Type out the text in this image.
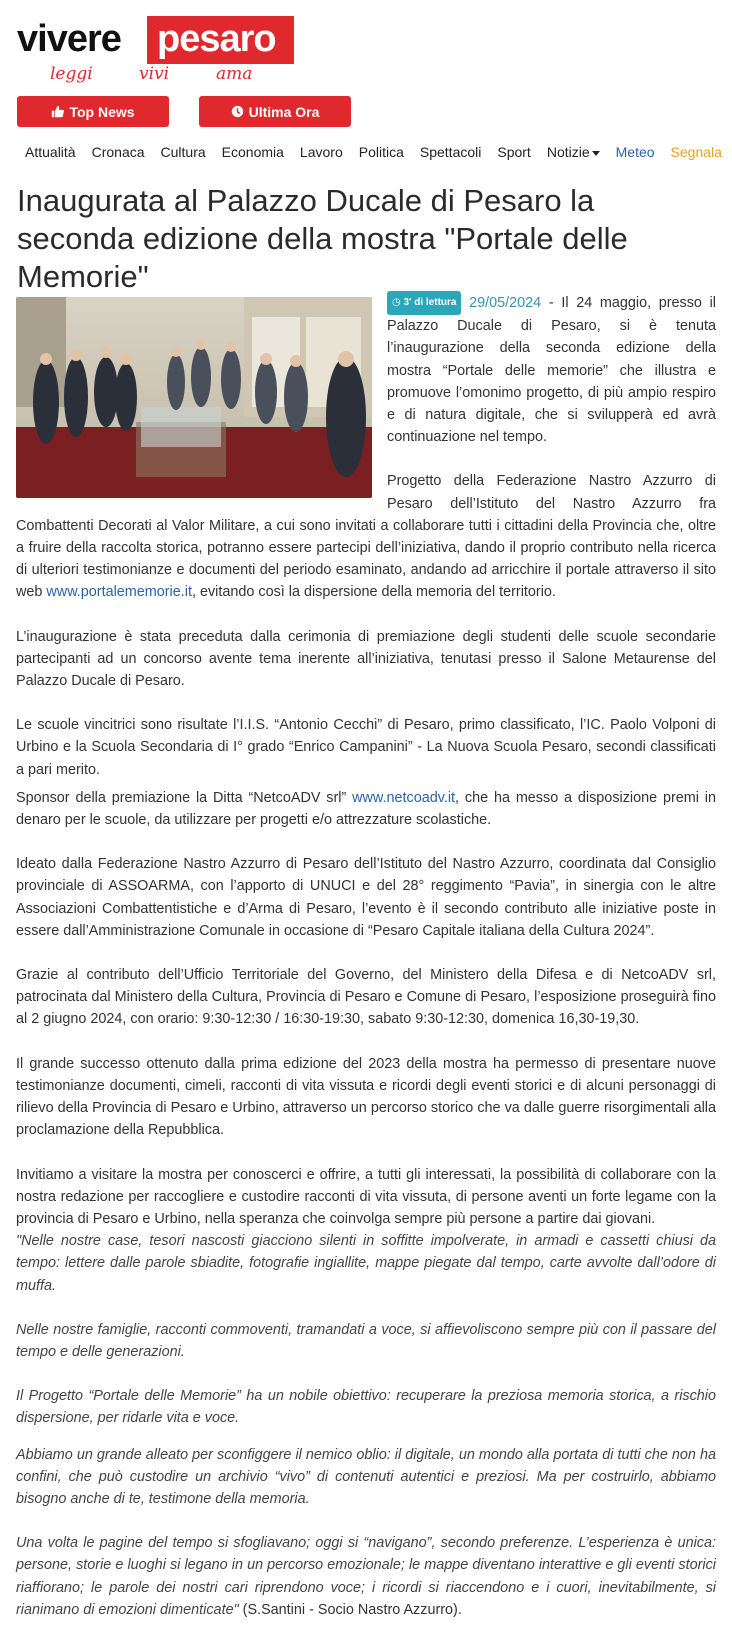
vivere pesaro
leggi	vivi	ama
Top News	Ultima Ora
Attualità Cronaca Cultura Economia Lavoro Politica Spettacoli Sport Notizie Meteo Segnala
Inaugurata al Palazzo Ducale di Pesaro la seconda edizione della mostra "Portale delle Memorie"

◷ 3' di lettura 29/05/2024 - Il 24 maggio, presso il Palazzo Ducale di Pesaro, si è tenuta l’inaugurazione della seconda edizione della mostra “Portale delle memorie” che illustra e promuove l’omonimo progetto, di più ampio respiro e di natura digitale, che si svilupperà ed avrà continuazione nel tempo.

Progetto della Federazione Nastro Azzurro di Pesaro dell’Istituto del Nastro Azzurro fra Combattenti Decorati al Valor Militare, a cui sono invitati a collaborare tutti i cittadini della Provincia che, oltre a fruire della raccolta storica, potranno essere partecipi dell’iniziativa, dando il proprio contributo nella ricerca di ulteriori testimonianze e documenti del periodo esaminato, andando ad arricchire il portale attraverso il sito web www.portalememorie.it, evitando così la dispersione della memoria del territorio.

L’inaugurazione è stata preceduta dalla cerimonia di premiazione degli studenti delle scuole secondarie partecipanti ad un concorso avente tema inerente all’iniziativa, tenutasi presso il Salone Metaurense del Palazzo Ducale di Pesaro.

Le scuole vincitrici sono risultate l’I.I.S. “Antonio Cecchi” di Pesaro, primo classificato, l’IC. Paolo Volponi di Urbino e la Scuola Secondaria di I° grado “Enrico Campanini” - La Nuova Scuola Pesaro, secondi classificati a pari merito.

Sponsor della premiazione la Ditta “NetcoADV srl” www.netcoadv.it, che ha messo a disposizione premi in denaro per le scuole, da utilizzare per progetti e/o attrezzature scolastiche.

Ideato dalla Federazione Nastro Azzurro di Pesaro dell’Istituto del Nastro Azzurro, coordinata dal Consiglio provinciale di ASSOARMA, con l’apporto di UNUCI e del 28° reggimento “Pavia”, in sinergia con le altre Associazioni Combattentistiche e d’Arma di Pesaro, l’evento è il secondo contributo alle iniziative poste in essere dall’Amministrazione Comunale in occasione di “Pesaro Capitale italiana della Cultura 2024”.

Grazie al contributo dell’Ufficio Territoriale del Governo, del Ministero della Difesa e di NetcoADV srl, patrocinata dal Ministero della Cultura, Provincia di Pesaro e Comune di Pesaro, l’esposizione proseguirà fino al 2 giugno 2024, con orario: 9:30-12:30 / 16:30-19:30, sabato 9:30-12:30, domenica 16,30-19,30.

Il grande successo ottenuto dalla prima edizione del 2023 della mostra ha permesso di presentare nuove testimonianze documenti, cimeli, racconti di vita vissuta e ricordi degli eventi storici e di alcuni personaggi di rilievo della Provincia di Pesaro e Urbino, attraverso un percorso storico che va dalle guerre risorgimentali alla proclamazione della Repubblica.

Invitiamo a visitare la mostra per conoscerci e offrire, a tutti gli interessati, la possibilità di collaborare con la nostra redazione per raccogliere e custodire racconti di vita vissuta, di persone aventi un forte legame con la provincia di Pesaro e Urbino, nella speranza che coinvolga sempre più persone a partire dai giovani.

"Nelle nostre case, tesori nascosti giacciono silenti in soffitte impolverate, in armadi e cassetti chiusi da tempo: lettere dalle parole sbiadite, fotografie ingiallite, mappe piegate dal tempo, carte avvolte dall’odore di muffa.

Nelle nostre famiglie, racconti commoventi, tramandati a voce, si affievoliscono sempre più con il passare del tempo e delle generazioni.

Il Progetto “Portale delle Memorie” ha un nobile obiettivo: recuperare la preziosa memoria storica, a rischio dispersione, per ridarle vita e voce.

Abbiamo un grande alleato per sconfiggere il nemico oblio: il digitale, un mondo alla portata di tutti che non ha confini, che può custodire un archivio “vivo” di contenuti autentici e preziosi. Ma per costruirlo, abbiamo bisogno anche di te, testimone della memoria.

Una volta le pagine del tempo si sfogliavano; oggi si “navigano”, secondo preferenze. L’esperienza è unica: persone, storie e luoghi si legano in un percorso emozionale; le mappe diventano interattive e gli eventi storici riaffiorano; le parole dei nostri cari riprendono voce; i ricordi si riaccendono e i cuori, inevitabilmente, si rianimano di emozioni dimenticate" (S.Santini - Socio Nastro Azzurro).
